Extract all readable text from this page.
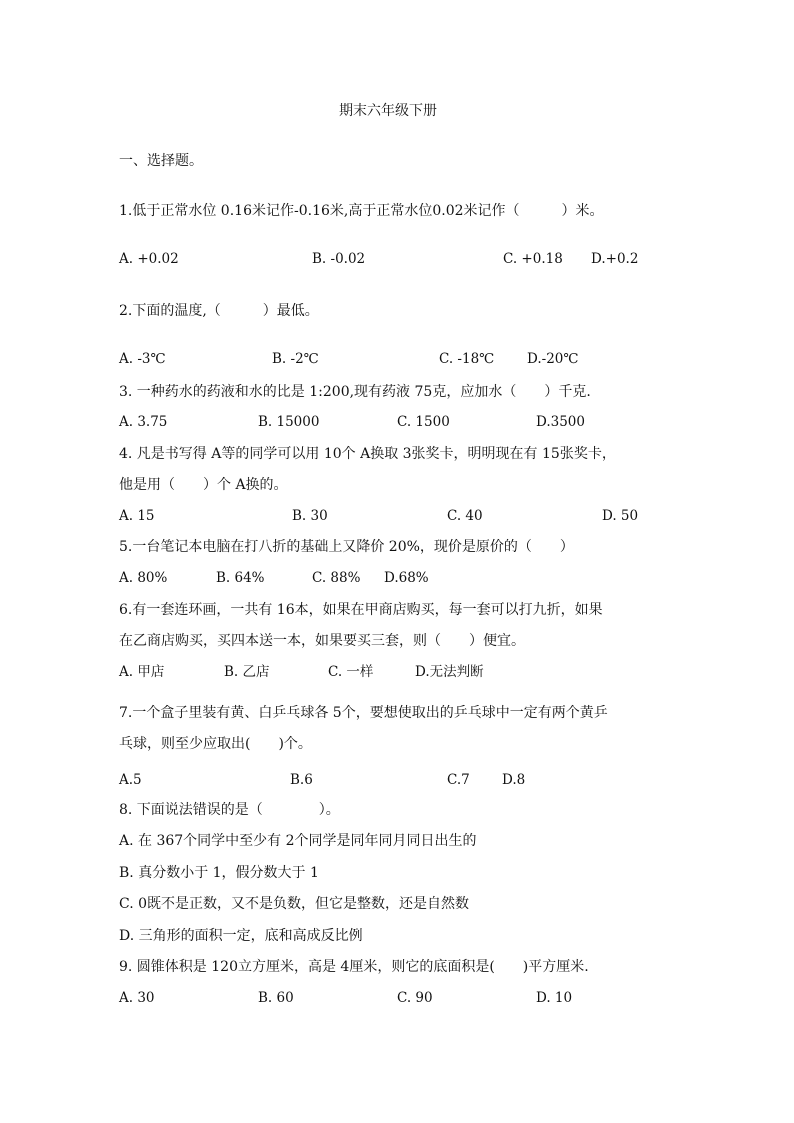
期末六年级下册
一、选择题。
1.低于正常水位 0.16米记作-0.16米,高于正常水位0.02米记作（　　　）米。
A. +0.02	B. -0.02	C. +0.18 D.+0.2
2.下面的温度,（　　　）最低。
A. -3℃	B. -2℃	C. -18℃ D.-20℃
3. 一种药水的药液和水的比是 1:200,现有药液 75克，应加水（　　）千克.
A. 3.75	B. 15000	C. 1500	D.3500
4. 凡是书写得 A等的同学可以用 10个 A换取 3张奖卡，明明现在有 15张奖卡，
他是用（　　）个 A换的。
A. 15	B. 30	C. 40	D. 50
5.一台笔记本电脑在打八折的基础上又降价 20%，现价是原价的（　　）
A. 80%	B. 64%	C. 88% D.68%
6.有一套连环画，一共有 16本，如果在甲商店购买，每一套可以打九折，如果
在乙商店购买，买四本送一本，如果要买三套，则（　　）便宜。
A. 甲店	B. 乙店	C. 一样	D.无法判断
7.一个盒子里装有黄、白乒乓球各 5个，要想使取出的乒乓球中一定有两个黄乒
乓球，则至少应取出(　　)个。
A.5	B.6	C.7 D.8
8. 下面说法错误的是（　　　　）。
A. 在 367个同学中至少有 2个同学是同年同月同日出生的
B. 真分数小于 1，假分数大于 1
C. 0既不是正数，又不是负数，但它是整数，还是自然数
D. 三角形的面积一定，底和高成反比例
9. 圆锥体积是 120立方厘米，高是 4厘米，则它的底面积是(　　)平方厘米.
A. 30	B. 60	C. 90	D. 10
